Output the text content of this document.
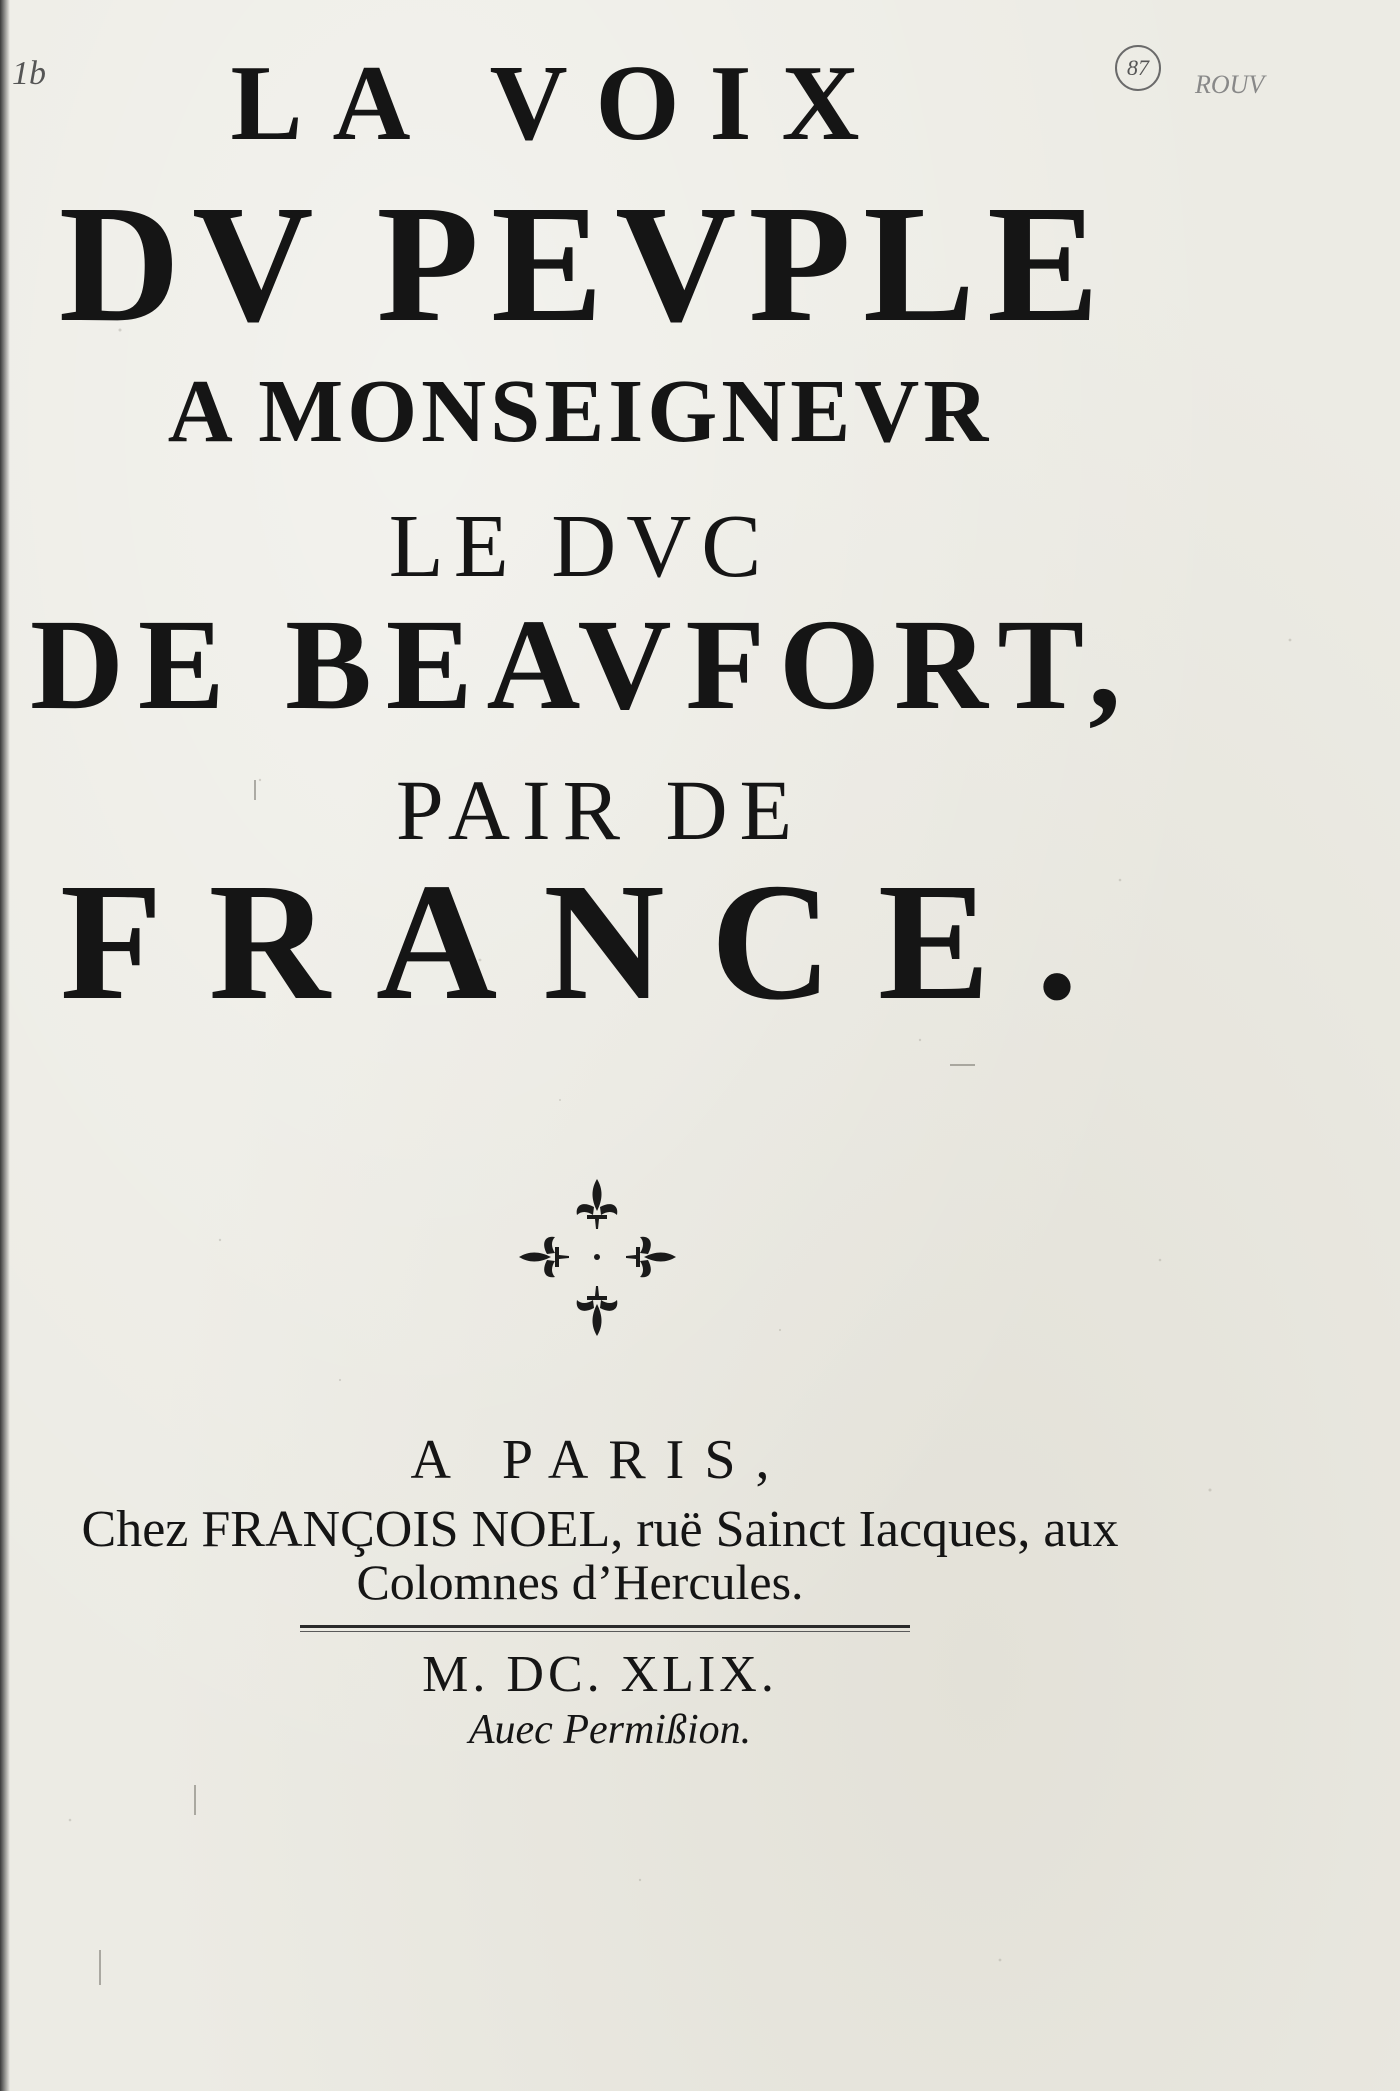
1b	87
ROUV
LA VOIX
DV PEVPLE
A MONSEIGNEVR
LE DVC
DE BEAVFORT,
PAIR DE
FRANCE.
A PARIS,
Chez FRANÇOIS NOEL, ruë Sainct Iacques, aux
Colomnes d’Hercules.
M. DC. XLIX.
Auec Permißion.
